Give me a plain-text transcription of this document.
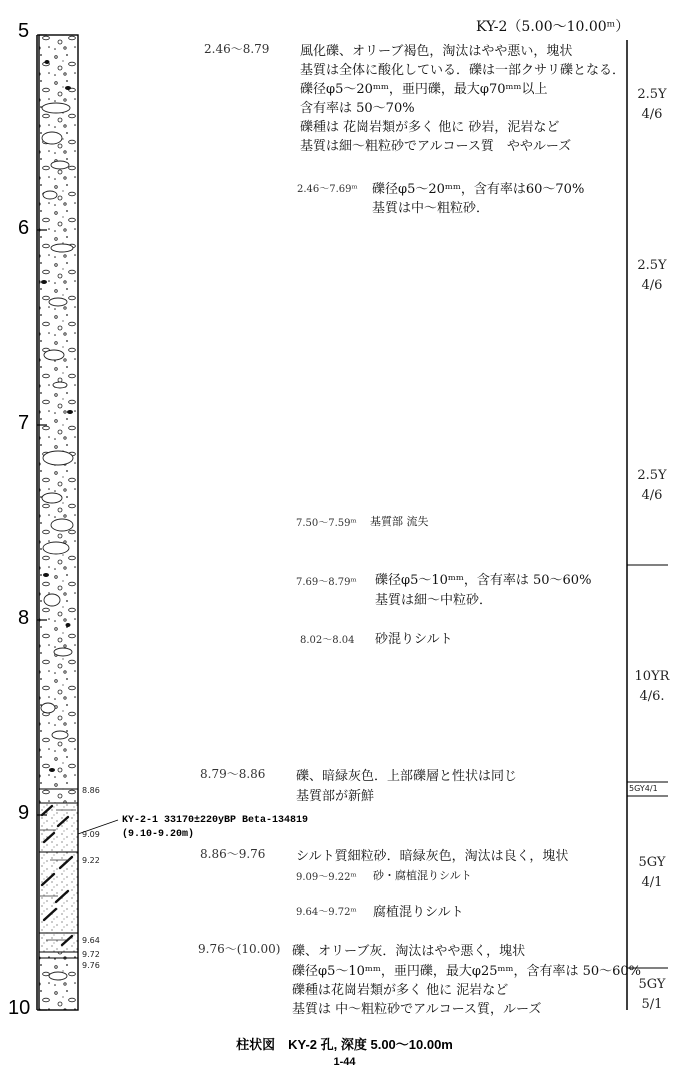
KY-2（5.00〜10.00ᵐ）
5
6
7
8
9
10
8.86
9.09
9.22
9.64
9.72
9.76
KY-2-1 33170±220yBP Beta-134819
(9.10-9.20m)
2.46〜8.79 風化礫、オリーブ褐色，淘汰はやや悪い，塊状
基質は全体に酸化している．礫は一部クサリ礫となる．
礫径φ5〜20ᵐᵐ，亜円礫，最大φ70ᵐᵐ以上
含有率は 50〜70%
礫種は 花崗岩類が多く 他に 砂岩，泥岩など
基質は細〜粗粒砂でアルコース質　ややルーズ
2.46〜7.69ᵐ 礫径φ5〜20ᵐᵐ，含有率は60〜70%
基質は中〜粗粒砂．
7.50〜7.59ᵐ 基質部 流失
7.69〜8.79ᵐ 礫径φ5〜10ᵐᵐ，含有率は 50〜60%
基質は細〜中粒砂．
8.02〜8.04 砂混りシルト
8.79〜8.86 礫、暗緑灰色．上部礫層と性状は同じ
基質部が新鮮
8.86〜9.76 シルト質細粒砂．暗緑灰色，淘汰は良く，塊状
9.09〜9.22ᵐ 砂・腐植混りシルト
9.64〜9.72ᵐ 腐植混りシルト
9.76〜(10.00) 礫、オリーブ灰．淘汰はやや悪く，塊状
礫径φ5〜10ᵐᵐ，亜円礫，最大φ25ᵐᵐ，含有率は 50〜60%
礫種は花崗岩類が多く 他に 泥岩など
基質は 中〜粗粒砂でアルコース質，ルーズ
2.5Y 4/6
2.5Y 4/6
2.5Y 4/6
10YR 4/6.
5GY4/1
5GY 4/1
5GY 5/1
柱状図　KY-2 孔, 深度 5.00〜10.00m
1-44
